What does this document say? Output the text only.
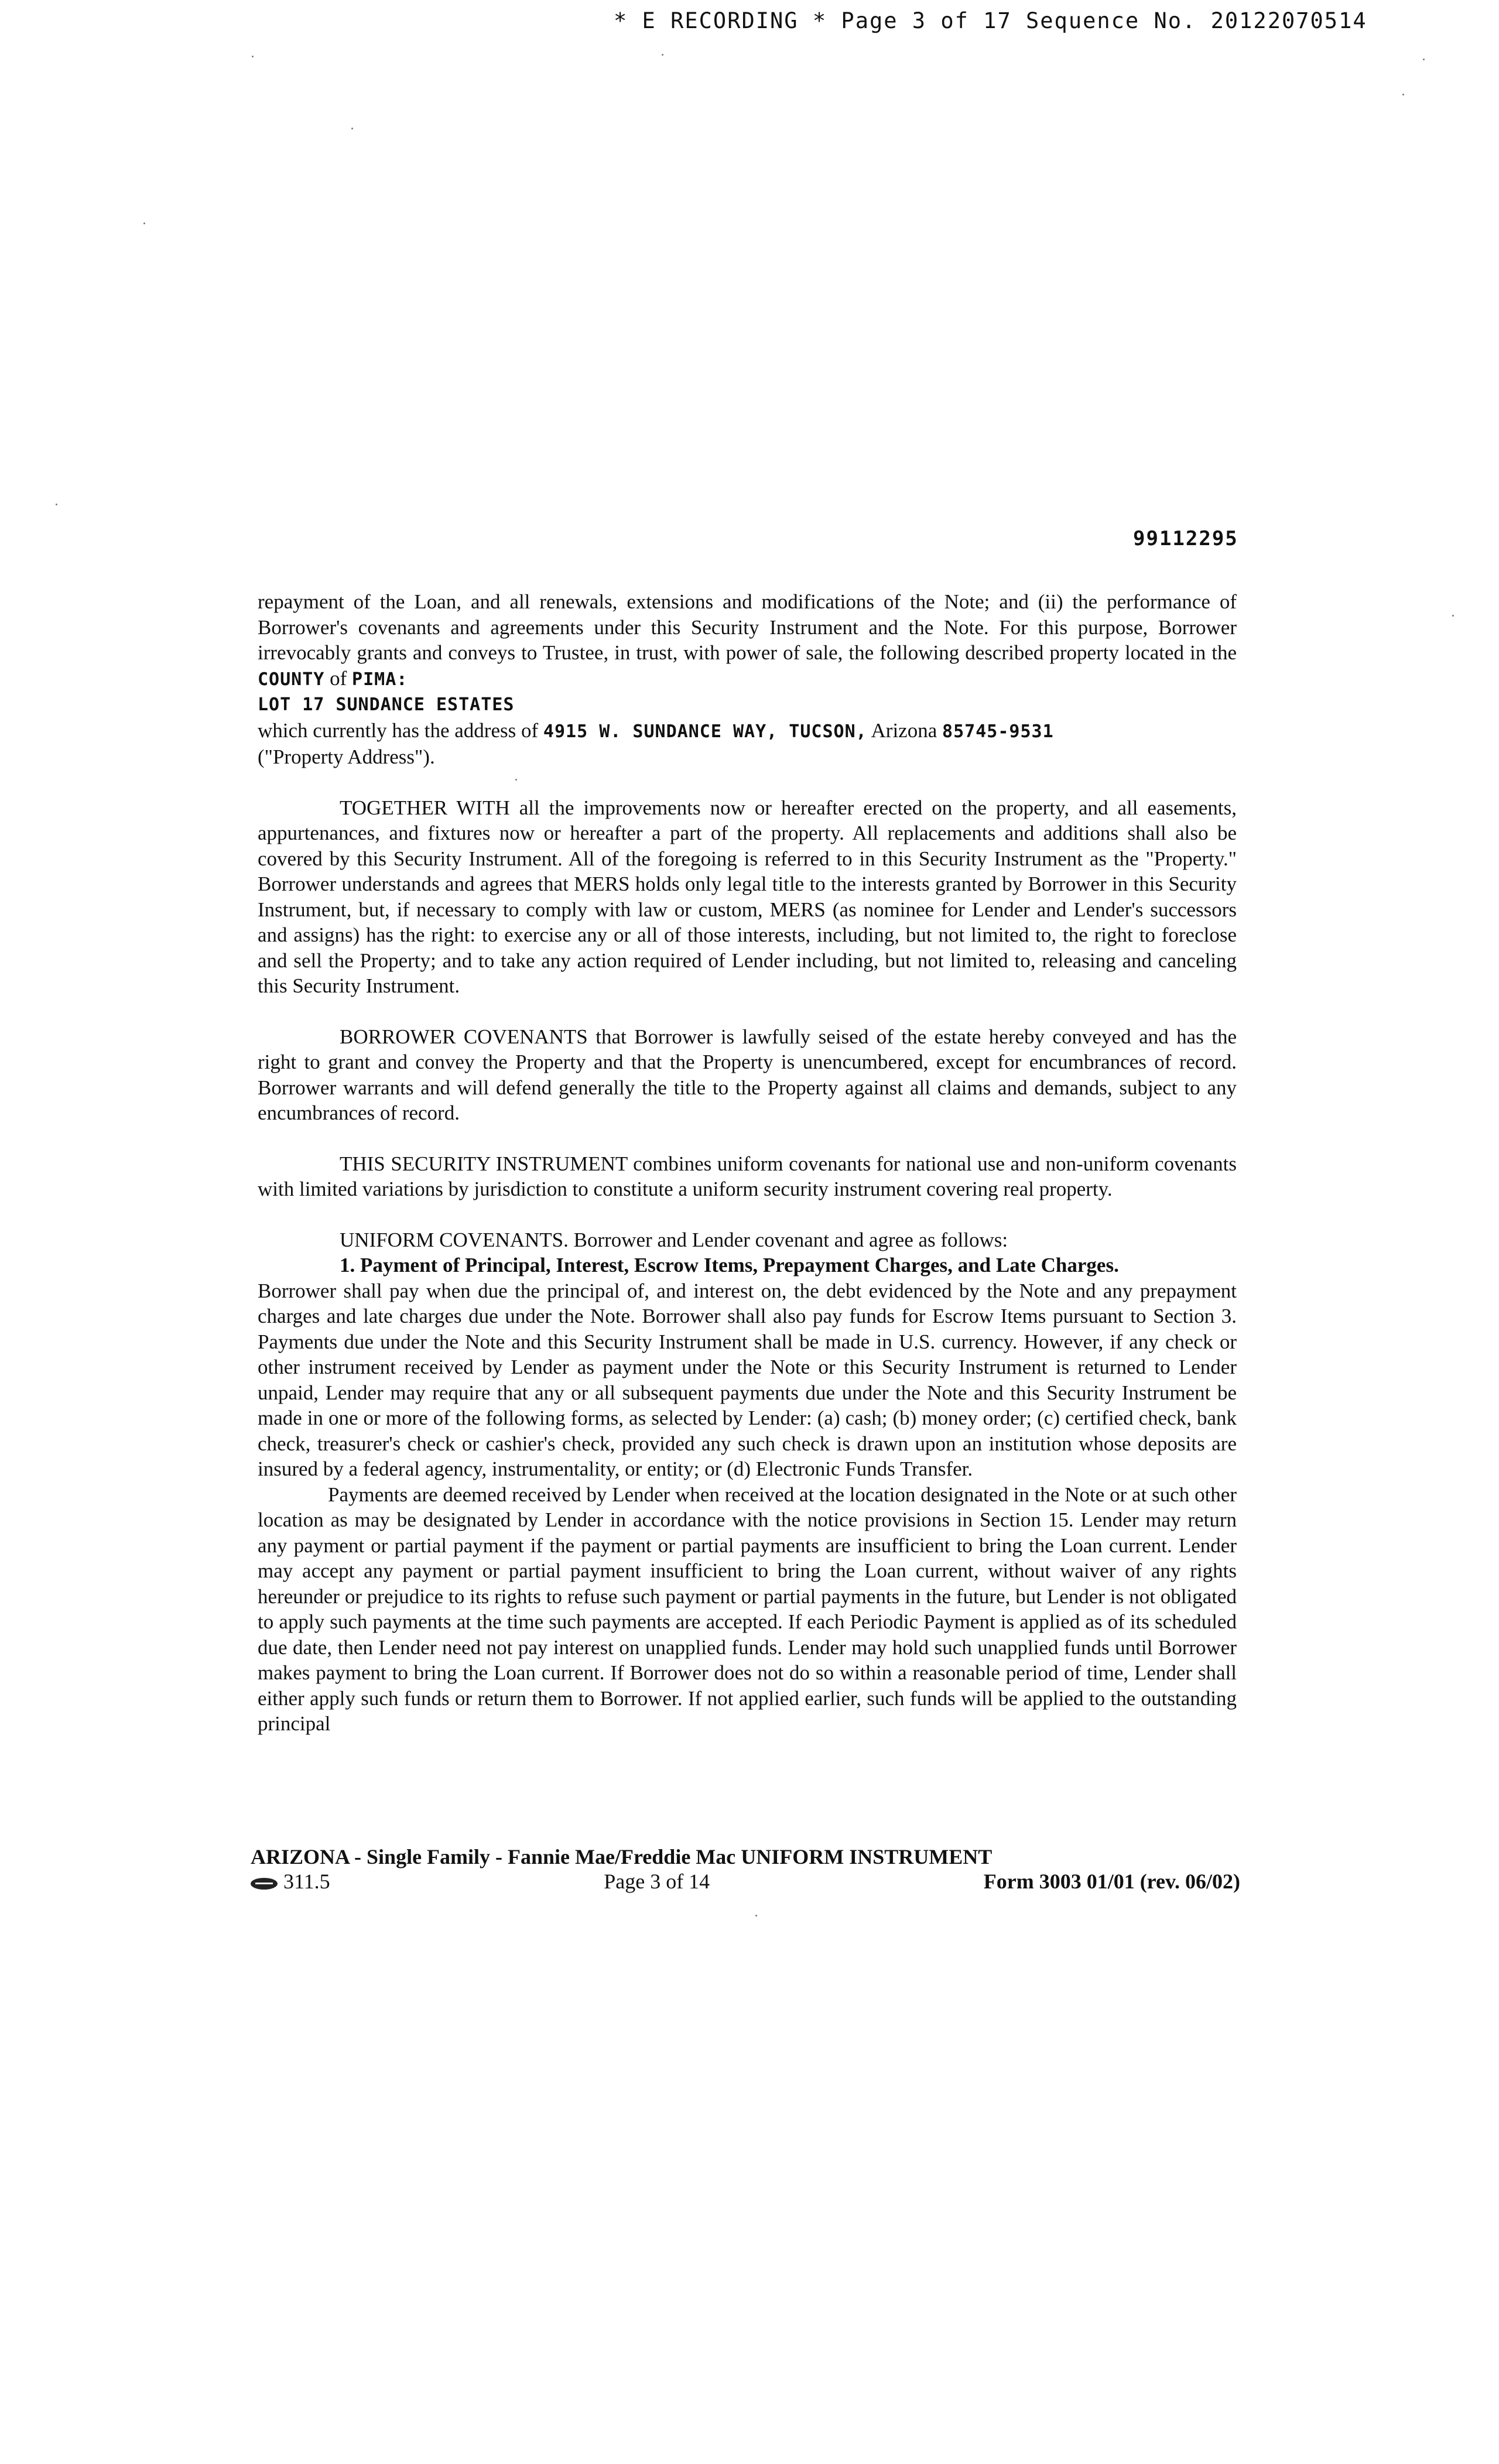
* E RECORDING * Page 3 of 17 Sequence No. 20122070514
99112295

repayment of the Loan, and all renewals, extensions and modifications of the Note; and (ii) the performance of Borrower's covenants and agreements under this Security Instrument and the Note. For this purpose, Borrower irrevocably grants and conveys to Trustee, in trust, with power of sale, the following described property located in the COUNTY of PIMA:

LOT 17 SUNDANCE ESTATES

which currently has the address of 4915 W. SUNDANCE WAY, TUCSON, Arizona 85745-9531

("Property Address").

TOGETHER WITH all the improvements now or hereafter erected on the property, and all easements, appurtenances, and fixtures now or hereafter a part of the property. All replacements and additions shall also be covered by this Security Instrument. All of the foregoing is referred to in this Security Instrument as the "Property." Borrower understands and agrees that MERS holds only legal title to the interests granted by Borrower in this Security Instrument, but, if necessary to comply with law or custom, MERS (as nominee for Lender and Lender's successors and assigns) has the right: to exercise any or all of those interests, including, but not limited to, the right to foreclose and sell the Property; and to take any action required of Lender including, but not limited to, releasing and canceling this Security Instrument.

BORROWER COVENANTS that Borrower is lawfully seised of the estate hereby conveyed and has the right to grant and convey the Property and that the Property is unencumbered, except for encumbrances of record. Borrower warrants and will defend generally the title to the Property against all claims and demands, subject to any encumbrances of record.

THIS SECURITY INSTRUMENT combines uniform covenants for national use and non-uniform covenants with limited variations by jurisdiction to constitute a uniform security instrument covering real property.

UNIFORM COVENANTS. Borrower and Lender covenant and agree as follows:

1. Payment of Principal, Interest, Escrow Items, Prepayment Charges, and Late Charges.

Borrower shall pay when due the principal of, and interest on, the debt evidenced by the Note and any prepayment charges and late charges due under the Note. Borrower shall also pay funds for Escrow Items pursuant to Section 3. Payments due under the Note and this Security Instrument shall be made in U.S. currency. However, if any check or other instrument received by Lender as payment under the Note or this Security Instrument is returned to Lender unpaid, Lender may require that any or all subsequent payments due under the Note and this Security Instrument be made in one or more of the following forms, as selected by Lender: (a) cash; (b) money order; (c) certified check, bank check, treasurer's check or cashier's check, provided any such check is drawn upon an institution whose deposits are insured by a federal agency, instrumentality, or entity; or (d) Electronic Funds Transfer.

Payments are deemed received by Lender when received at the location designated in the Note or at such other location as may be designated by Lender in accordance with the notice provisions in Section 15. Lender may return any payment or partial payment if the payment or partial payments are insufficient to bring the Loan current. Lender may accept any payment or partial payment insufficient to bring the Loan current, without waiver of any rights hereunder or prejudice to its rights to refuse such payment or partial payments in the future, but Lender is not obligated to apply such payments at the time such payments are accepted. If each Periodic Payment is applied as of its scheduled due date, then Lender need not pay interest on unapplied funds. Lender may hold such unapplied funds until Borrower makes payment to bring the Loan current. If Borrower does not do so within a reasonable period of time, Lender shall either apply such funds or return them to Borrower. If not applied earlier, such funds will be applied to the outstanding principal

ARIZONA - Single Family - Fannie Mae/Freddie Mac UNIFORM INSTRUMENT
311.5	Page 3 of 14	Form 3003 01/01 (rev. 06/02)
